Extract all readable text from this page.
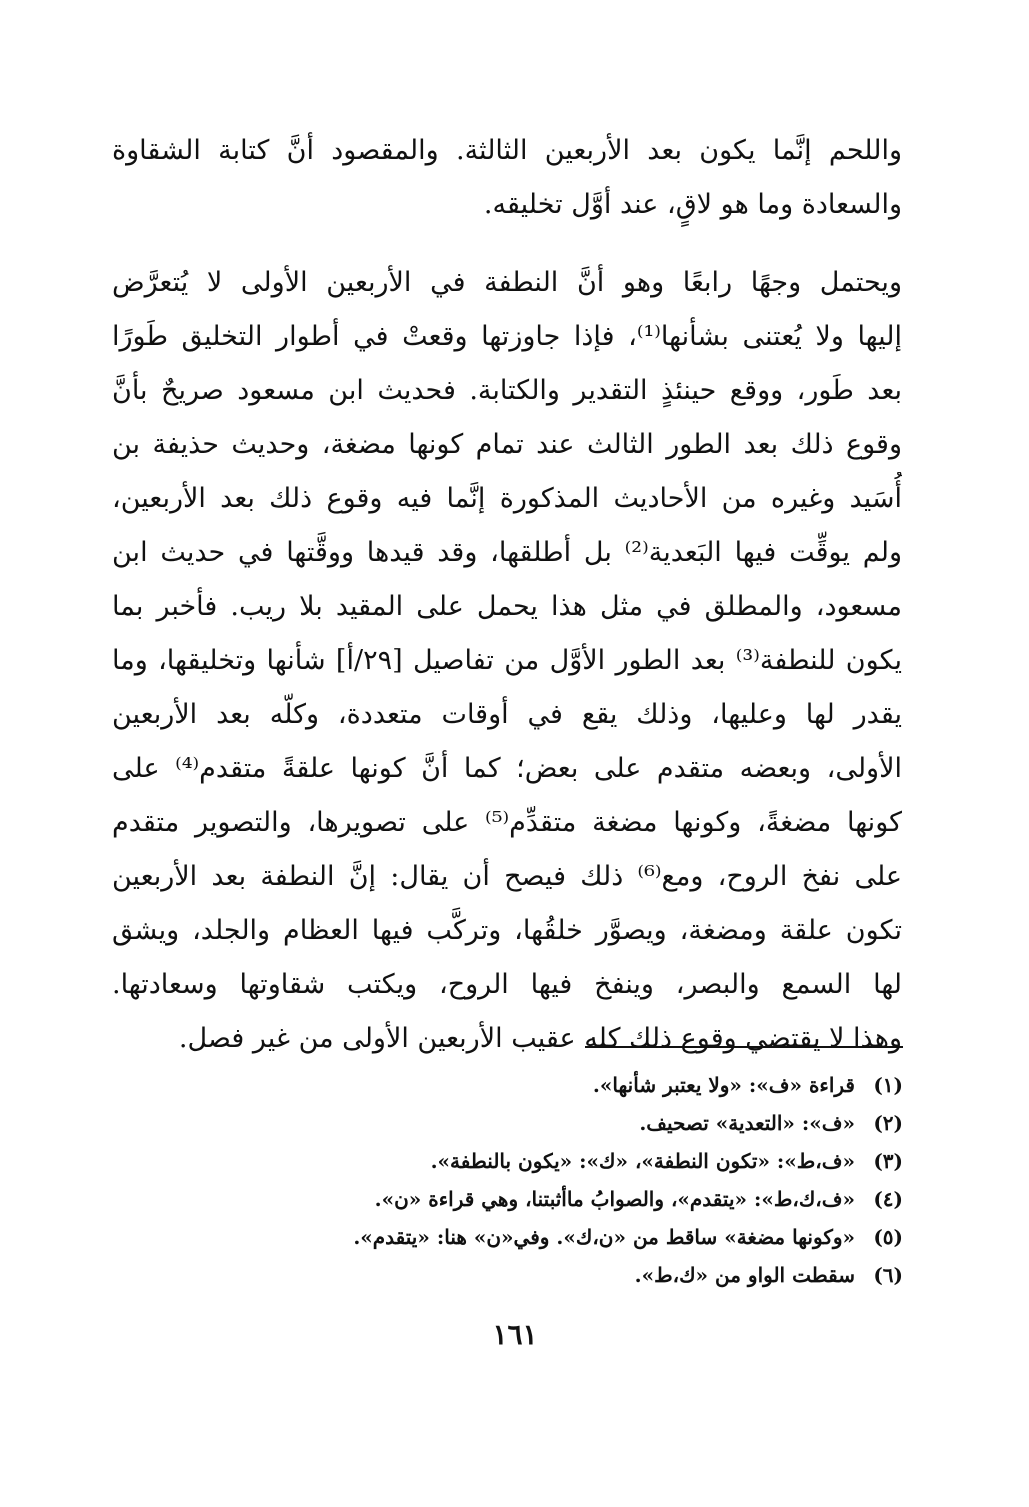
واللحم إنَّما يكون بعد الأربعين الثالثة. والمقصود أنَّ كتابة الشقاوة
والسعادة وما هو لاقٍ، عند أوَّل تخليقه.
ويحتمل وجهًا رابعًا وهو أنَّ النطفة في الأربعين الأولى لا يُتعرَّض
إليها ولا يُعتنى بشأنها⁽¹⁾، فإذا جاوزتها وقعتْ في أطوار التخليق طَورًا
بعد طَور، ووقع حينئذٍ التقدير والكتابة. فحديث ابن مسعود صريحٌ بأنَّ
وقوع ذلك بعد الطور الثالث عند تمام كونها مضغة، وحديث حذيفة بن
أُسَيد وغيره من الأحاديث المذكورة إنَّما فيه وقوع ذلك بعد الأربعين،
ولم يوقِّت فيها البَعدية⁽²⁾ بل أطلقها، وقد قيدها ووقَّتها في حديث ابن
مسعود، والمطلق في مثل هذا يحمل على المقيد بلا ريب. فأخبر بما
يكون للنطفة⁽³⁾ بعد الطور الأوَّل من تفاصيل [٢٩/أ] شأنها وتخليقها، وما
يقدر لها وعليها، وذلك يقع في أوقات متعددة، وكلّه بعد الأربعين
الأولى، وبعضه متقدم على بعض؛ كما أنَّ كونها علقةً متقدم⁽⁴⁾ على
كونها مضغةً، وكونها مضغة متقدِّم⁽⁵⁾ على تصويرها، والتصوير متقدم
على نفخ الروح، ومع⁽⁶⁾ ذلك فيصح أن يقال: إنَّ النطفة بعد الأربعين
تكون علقة ومضغة، ويصوَّر خلقُها، وتركَّب فيها العظام والجلد، ويشق
لها السمع والبصر، وينفخ فيها الروح، ويكتب شقاوتها وسعادتها.
وهذا لا يقتضي وقوع ذلك كله عقيب الأربعين الأولى من غير فصل.
(١)
قراءة «ف»: «ولا يعتبر شأنها».
(٢)
«ف»: «التعدية» تصحيف.
(٣)
«ف،ط»: «تكون النطفة»، «ك»: «يكون بالنطفة».
(٤)
«ف،ك،ط»: «يتقدم»، والصوابُ ماأثبتنا، وهي قراءة «ن».
(٥)
«وكونها مضغة» ساقط من «ن،ك». وفي«ن» هنا: «يتقدم».
(٦)
سقطت الواو من «ك،ط».
١٦١
